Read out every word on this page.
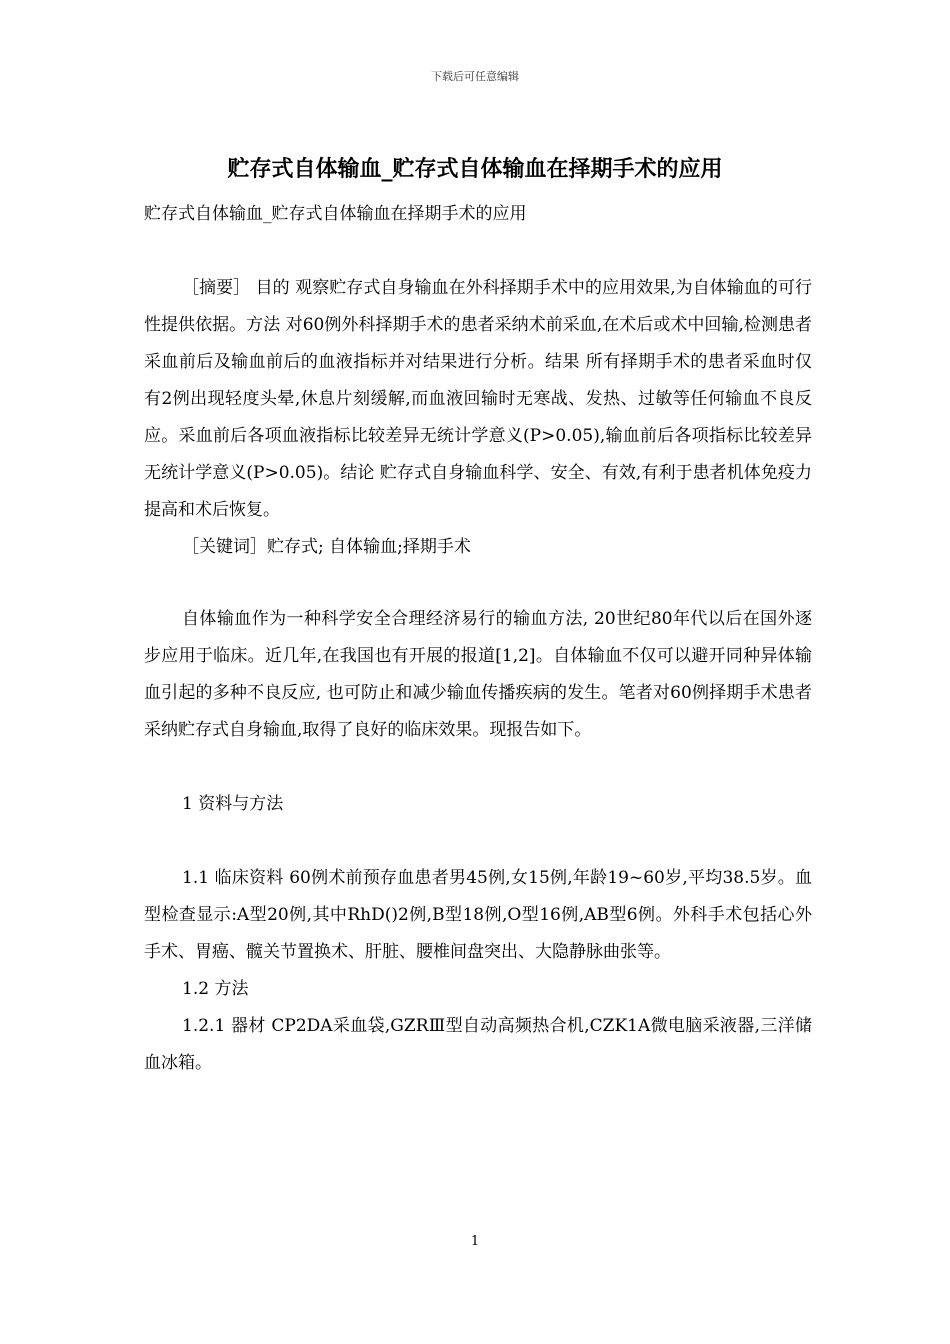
下载后可任意编辑
贮存式自体输血_贮存式自体输血在择期手术的应用

贮存式自体输血_贮存式自体输血在择期手术的应用

［摘要］ 目的 观察贮存式自身输血在外科择期手术中的应用效果,为自体输血的可行性提供依据。方法 对60例外科择期手术的患者采纳术前采血,在术后或术中回输,检测患者采血前后及输血前后的血液指标并对结果进行分析。结果 所有择期手术的患者采血时仅有2例出现轻度头晕,休息片刻缓解,而血液回输时无寒战、发热、过敏等任何输血不良反应。采血前后各项血液指标比较差异无统计学意义(P>0.05),输血前后各项指标比较差异无统计学意义(P>0.05)。结论 贮存式自身输血科学、安全、有效,有利于患者机体免疫力提高和术后恢复。

［关键词］贮存式; 自体输血;择期手术

自体输血作为一种科学安全合理经济易行的输血方法, 20世纪80年代以后在国外逐步应用于临床。近几年,在我国也有开展的报道[1,2]。自体输血不仅可以避开同种异体输血引起的多种不良反应, 也可防止和减少输血传播疾病的发生。笔者对60例择期手术患者采纳贮存式自身输血,取得了良好的临床效果。现报告如下。

1 资料与方法

1.1 临床资料 60例术前预存血患者男45例,女15例,年龄19~60岁,平均38.5岁。血型检查显示:A型20例,其中RhD()2例,B型18例,O型16例,AB型6例。外科手术包括心外手术、胃癌、髋关节置换术、肝脏、腰椎间盘突出、大隐静脉曲张等。

1.2 方法

1.2.1 器材 CP2DA采血袋,GZRⅢ型自动高频热合机,CZK1A微电脑采液器,三洋储血冰箱。

1
